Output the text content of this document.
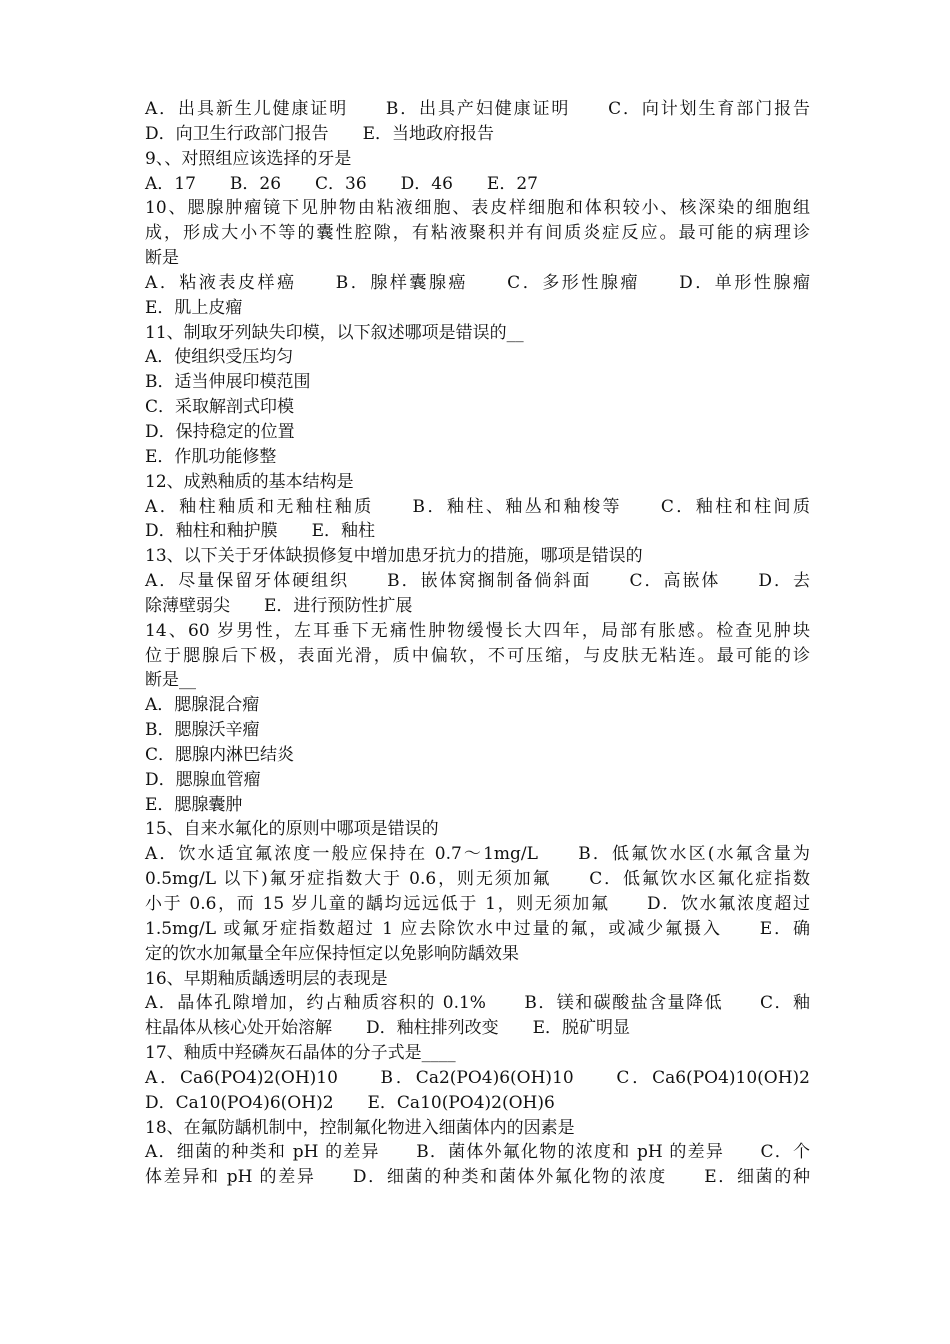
A．出具新生儿健康证明　　B．出具产妇健康证明　　C．向计划生育部门报告
D．向卫生行政部门报告　　E．当地政府报告
9、、对照组应该选择的牙是
A．17　　B．26　　C．36　　D．46　　E．27
10、腮腺肿瘤镜下见肿物由粘液细胞、表皮样细胞和体积较小、核深染的细胞组
成，形成大小不等的囊性腔隙，有粘液聚积并有间质炎症反应。最可能的病理诊
断是
A．粘液表皮样癌　　B．腺样囊腺癌　　C．多形性腺瘤　　D．单形性腺瘤
E．肌上皮瘤
11、制取牙列缺失印模，以下叙述哪项是错误的__
A．使组织受压均匀
B．适当伸展印模范围
C．采取解剖式印模
D．保持稳定的位置
E．作肌功能修整
12、成熟釉质的基本结构是
A．釉柱釉质和无釉柱釉质　　B．釉柱、釉丛和釉梭等　　C．釉柱和柱间质
D．釉柱和釉护膜　　E．釉柱
13、以下关于牙体缺损修复中增加患牙抗力的措施，哪项是错误的
A．尽量保留牙体硬组织　　B．嵌体窝搁制备倘斜面　　C．高嵌体　　D．去
除薄壁弱尖　　E．进行预防性扩展
14、60 岁男性，左耳垂下无痛性肿物缓慢长大四年，局部有胀感。检查见肿块
位于腮腺后下极，表面光滑，质中偏软，不可压缩，与皮肤无粘连。最可能的诊
断是__
A．腮腺混合瘤
B．腮腺沃辛瘤
C．腮腺内淋巴结炎
D．腮腺血管瘤
E．腮腺囊肿
15、自来水氟化的原则中哪项是错误的
A．饮水适宜氟浓度一般应保持在 0.7～1mg/L　　B．低氟饮水区(水氟含量为
0.5mg/L 以下)氟牙症指数大于 0.6，则无须加氟　　C．低氟饮水区氟化症指数
小于 0.6，而 15 岁儿童的龋均远远低于 1，则无须加氟　　D．饮水氟浓度超过
1.5mg/L 或氟牙症指数超过 1 应去除饮水中过量的氟，或减少氟摄入　　E．确
定的饮水加氟量全年应保持恒定以免影响防龋效果
16、早期釉质龋透明层的表现是
A．晶体孔隙增加，约占釉质容积的 0.1%　　B．镁和碳酸盐含量降低　　C．釉
柱晶体从核心处开始溶解　　D．釉柱排列改变　　E．脱矿明显
17、釉质中羟磷灰石晶体的分子式是____
A．Ca6(PO4)2(OH)10　　B．Ca2(PO4)6(OH)10　　C．Ca6(PO4)10(OH)2
D．Ca10(PO4)6(OH)2　　E．Ca10(PO4)2(OH)6
18、在氟防龋机制中，控制氟化物进入细菌体内的因素是
A．细菌的种类和 pH 的差异　　B．菌体外氟化物的浓度和 pH 的差异　　C．个
体差异和 pH 的差异　　D．细菌的种类和菌体外氟化物的浓度　　E．细菌的种
